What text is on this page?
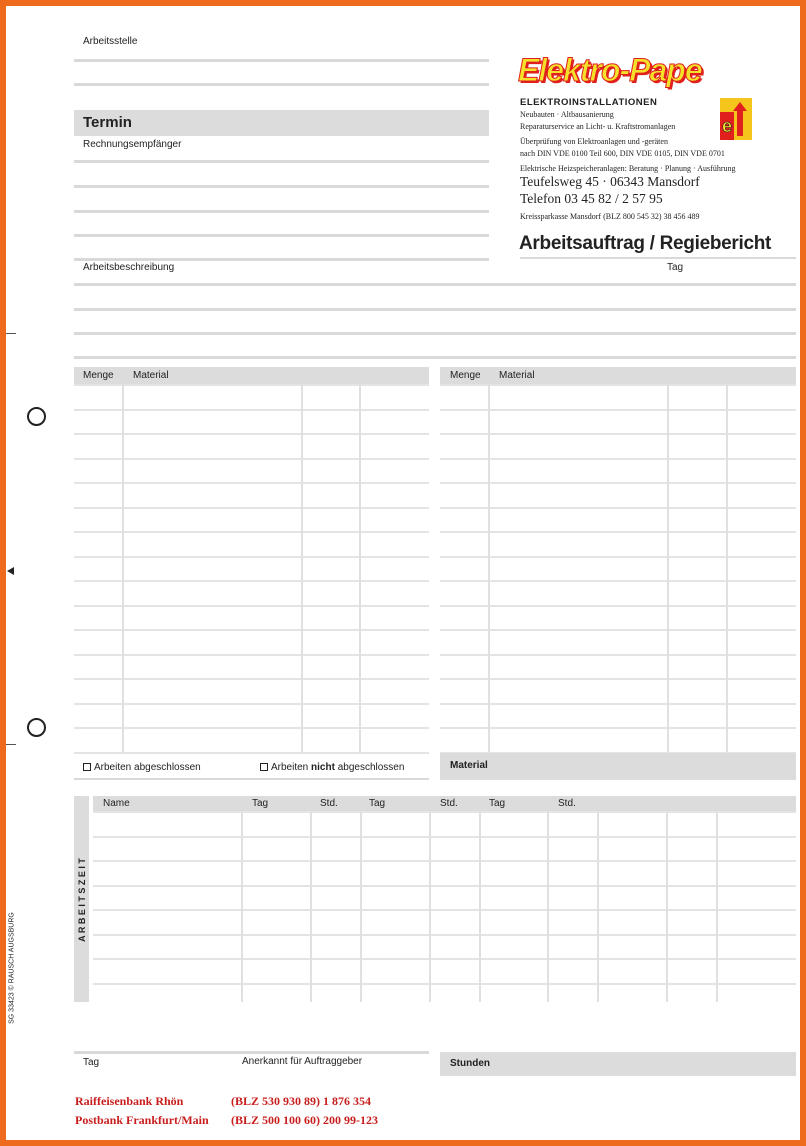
Arbeitsstelle
Termin
Rechnungsempfänger
Elektro-Pape
ELEKTROINSTALLATIONEN
Neubauten · Altbausanierung
Reparaturservice an Licht- u. Kraftstromanlagen
Überprüfung von Elektroanlagen und -geräten
nach DIN VDE 0100 Teil 600, DIN VDE 0105, DIN VDE 0701
Elektrische Heizspeicheranlagen: Beratung · Planung · Ausführung
e
Teufelsweg 45 · 06343 Mansdorf
Telefon 03 45 82 / 2 57 95
Kreissparkasse Mansdorf (BLZ 800 545 32) 38 456 489
Arbeitsauftrag / Regiebericht
Tag
Arbeitsbeschreibung
Menge Material	Menge Material
Arbeiten abgeschlossen	Arbeiten nicht abgeschlossen	Material
A R B E I T S Z E I T
Name	Tag	Std.	Tag	Std.	Tag	Std.
Tag	Anerkannt für Auftraggeber	Stunden
SG 33423 © RAUSCH AUGSBURG
Raiffeisenbank Rhön	(BLZ 530 930 89) 1 876 354
Postbank Frankfurt/Main (BLZ 500 100 60) 200 99-123
